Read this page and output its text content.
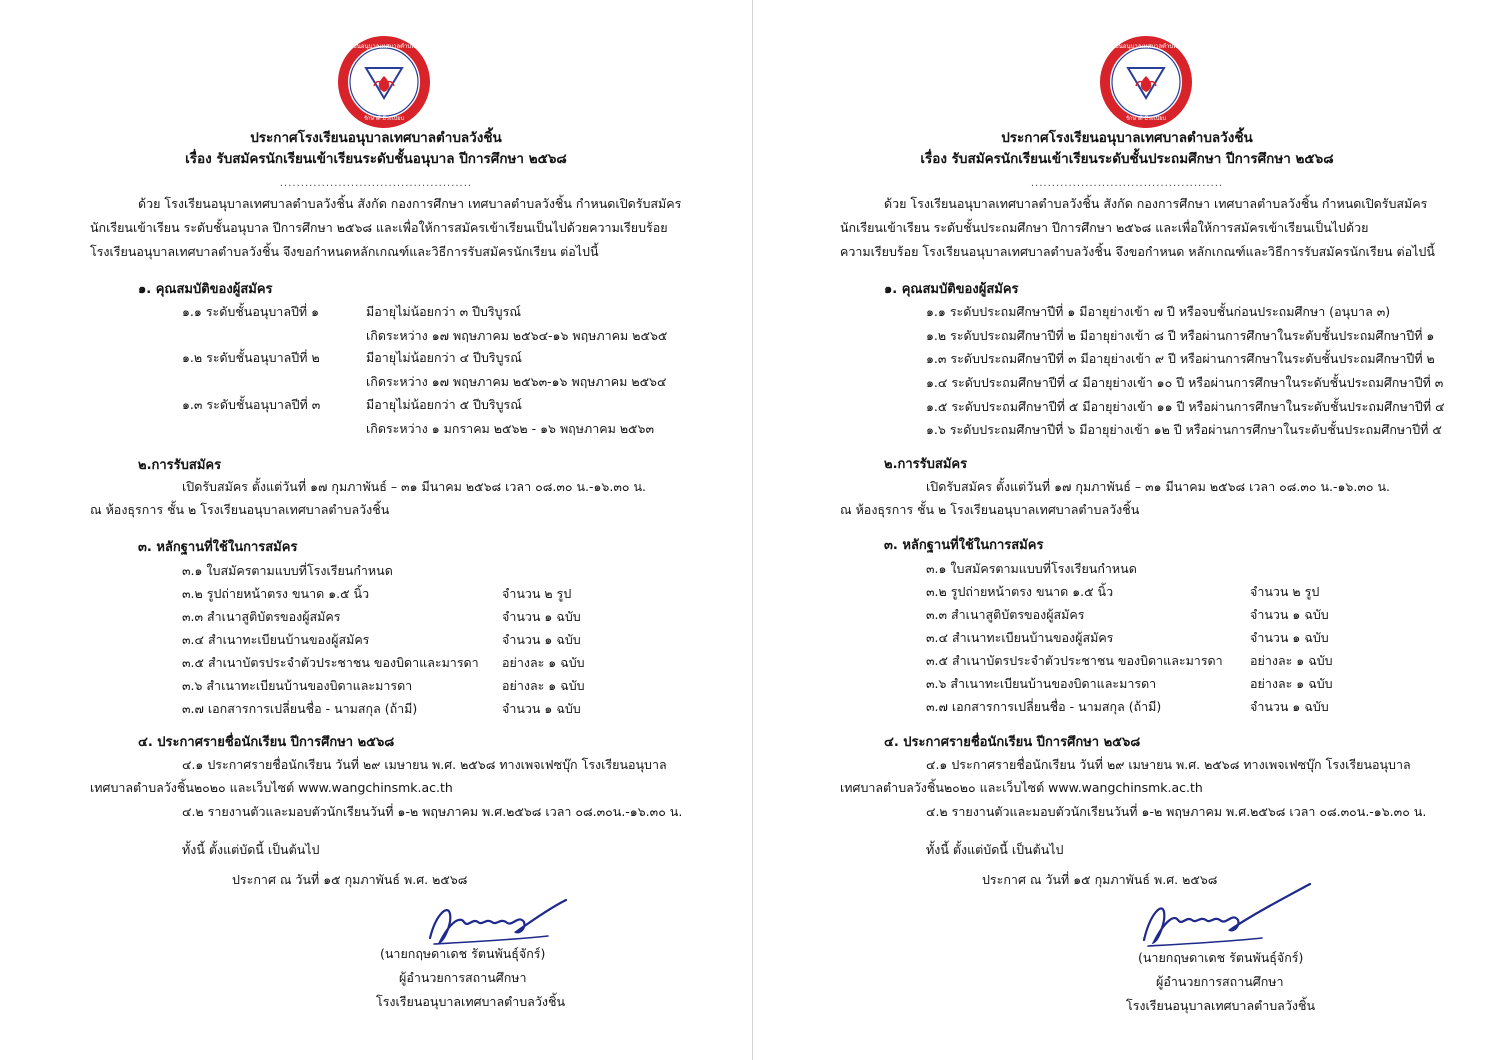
โรงเรียนอนุบาลเทศบาลตำบลวังชิ้น
รักษาดี มีระเบียบ
ประกาศโรงเรียนอนุบาลเทศบาลตำบลวังชิ้น
เรื่อง รับสมัครนักเรียนเข้าเรียนระดับชั้นอนุบาล ปีการศึกษา ๒๕๖๘
..............................................
ด้วย โรงเรียนอนุบาลเทศบาลตำบลวังชิ้น สังกัด กองการศึกษา เทศบาลตำบลวังชิ้น กำหนดเปิดรับสมัคร
นักเรียนเข้าเรียน ระดับชั้นอนุบาล ปีการศึกษา ๒๕๖๘ และเพื่อให้การสมัครเข้าเรียนเป็นไปด้วยความเรียบร้อย
โรงเรียนอนุบาลเทศบาลตำบลวังชิ้น จึงขอกำหนดหลักเกณฑ์และวิธีการรับสมัครนักเรียน ต่อไปนี้
๑. คุณสมบัติของผู้สมัคร
๑.๑ ระดับชั้นอนุบาลปีที่ ๑	มีอายุไม่น้อยกว่า ๓ ปีบริบูรณ์
เกิดระหว่าง ๑๗ พฤษภาคม ๒๕๖๔-๑๖ พฤษภาคม ๒๕๖๕
๑.๒ ระดับชั้นอนุบาลปีที่ ๒	มีอายุไม่น้อยกว่า ๔ ปีบริบูรณ์
เกิดระหว่าง ๑๗ พฤษภาคม ๒๕๖๓-๑๖ พฤษภาคม ๒๕๖๔
๑.๓ ระดับชั้นอนุบาลปีที่ ๓	มีอายุไม่น้อยกว่า ๕ ปีบริบูรณ์
เกิดระหว่าง ๑ มกราคม ๒๕๖๒ - ๑๖ พฤษภาคม ๒๕๖๓
๒.การรับสมัคร
เปิดรับสมัคร ตั้งแต่วันที่ ๑๗ กุมภาพันธ์ – ๓๑ มีนาคม ๒๕๖๘ เวลา ๐๘.๓๐ น.-๑๖.๓๐ น.
ณ ห้องธุรการ ชั้น ๒ โรงเรียนอนุบาลเทศบาลตำบลวังชิ้น
๓. หลักฐานที่ใช้ในการสมัคร
๓.๑ ใบสมัครตามแบบที่โรงเรียนกำหนด
๓.๒ รูปถ่ายหน้าตรง ขนาด ๑.๕ นิ้ว	จำนวน ๒ รูป
๓.๓ สำเนาสูติบัตรของผู้สมัคร	จำนวน ๑ ฉบับ
๓.๔ สำเนาทะเบียนบ้านของผู้สมัคร	จำนวน ๑ ฉบับ
๓.๕ สำเนาบัตรประจำตัวประชาชน ของบิดาและมารดา อย่างละ ๑ ฉบับ
๓.๖ สำเนาทะเบียนบ้านของบิดาและมารดา	อย่างละ ๑ ฉบับ
๓.๗ เอกสารการเปลี่ยนชื่อ - นามสกุล (ถ้ามี)	จำนวน ๑ ฉบับ
๔. ประกาศรายชื่อนักเรียน ปีการศึกษา ๒๕๖๘
๔.๑ ประกาศรายชื่อนักเรียน วันที่ ๒๙ เมษายน พ.ศ. ๒๕๖๘ ทางเพจเฟซบุ๊ก โรงเรียนอนุบาล
เทศบาลตำบลวังชิ้น๒๐๒๐ และเว็บไซต์ www.wangchinsmk.ac.th
๔.๒ รายงานตัวและมอบตัวนักเรียนวันที่ ๑-๒ พฤษภาคม พ.ศ.๒๕๖๘ เวลา ๐๘.๓๐น.-๑๖.๓๐ น.
ทั้งนี้ ตั้งแต่บัดนี้ เป็นต้นไป
ประกาศ ณ วันที่ ๑๕ กุมภาพันธ์ พ.ศ. ๒๕๖๘
(นายกฤษดาเดช รัตนพันธุ์จักร์)
ผู้อำนวยการสถานศึกษา
โรงเรียนอนุบาลเทศบาลตำบลวังชิ้น
โรงเรียนอนุบาลเทศบาลตำบลวังชิ้น
รักษาดี มีระเบียบ
ประกาศโรงเรียนอนุบาลเทศบาลตำบลวังชิ้น
เรื่อง รับสมัครนักเรียนเข้าเรียนระดับชั้นประถมศึกษา ปีการศึกษา ๒๕๖๘
..............................................
ด้วย โรงเรียนอนุบาลเทศบาลตำบลวังชิ้น สังกัด กองการศึกษา เทศบาลตำบลวังชิ้น กำหนดเปิดรับสมัคร
นักเรียนเข้าเรียน ระดับชั้นประถมศึกษา ปีการศึกษา ๒๕๖๘ และเพื่อให้การสมัครเข้าเรียนเป็นไปด้วย
ความเรียบร้อย โรงเรียนอนุบาลเทศบาลตำบลวังชิ้น จึงขอกำหนด หลักเกณฑ์และวิธีการรับสมัครนักเรียน ต่อไปนี้
๑. คุณสมบัติของผู้สมัคร
๑.๑ ระดับประถมศึกษาปีที่ ๑ มีอายุย่างเข้า ๗ ปี หรือจบชั้นก่อนประถมศึกษา (อนุบาล ๓)
๑.๒ ระดับประถมศึกษาปีที่ ๒ มีอายุย่างเข้า ๘ ปี หรือผ่านการศึกษาในระดับชั้นประถมศึกษาปีที่ ๑
๑.๓ ระดับประถมศึกษาปีที่ ๓ มีอายุย่างเข้า ๙ ปี หรือผ่านการศึกษาในระดับชั้นประถมศึกษาปีที่ ๒
๑.๔ ระดับประถมศึกษาปีที่ ๔ มีอายุย่างเข้า ๑๐ ปี หรือผ่านการศึกษาในระดับชั้นประถมศึกษาปีที่ ๓
๑.๕ ระดับประถมศึกษาปีที่ ๕ มีอายุย่างเข้า ๑๑ ปี หรือผ่านการศึกษาในระดับชั้นประถมศึกษาปีที่ ๔
๑.๖ ระดับประถมศึกษาปีที่ ๖ มีอายุย่างเข้า ๑๒ ปี หรือผ่านการศึกษาในระดับชั้นประถมศึกษาปีที่ ๕
๒.การรับสมัคร
เปิดรับสมัคร ตั้งแต่วันที่ ๑๗ กุมภาพันธ์ – ๓๑ มีนาคม ๒๕๖๘ เวลา ๐๘.๓๐ น.-๑๖.๓๐ น.
ณ ห้องธุรการ ชั้น ๒ โรงเรียนอนุบาลเทศบาลตำบลวังชิ้น
๓. หลักฐานที่ใช้ในการสมัคร
๓.๑ ใบสมัครตามแบบที่โรงเรียนกำหนด
๓.๒ รูปถ่ายหน้าตรง ขนาด ๑.๕ นิ้ว	จำนวน ๒ รูป
๓.๓ สำเนาสูติบัตรของผู้สมัคร	จำนวน ๑ ฉบับ
๓.๔ สำเนาทะเบียนบ้านของผู้สมัคร	จำนวน ๑ ฉบับ
๓.๕ สำเนาบัตรประจำตัวประชาชน ของบิดาและมารดา อย่างละ ๑ ฉบับ
๓.๖ สำเนาทะเบียนบ้านของบิดาและมารดา	อย่างละ ๑ ฉบับ
๓.๗ เอกสารการเปลี่ยนชื่อ - นามสกุล (ถ้ามี)	จำนวน ๑ ฉบับ
๔. ประกาศรายชื่อนักเรียน ปีการศึกษา ๒๕๖๘
๔.๑ ประกาศรายชื่อนักเรียน วันที่ ๒๙ เมษายน พ.ศ. ๒๕๖๘ ทางเพจเฟซบุ๊ก โรงเรียนอนุบาล
เทศบาลตำบลวังชิ้น๒๐๒๐ และเว็บไซต์ www.wangchinsmk.ac.th
๔.๒ รายงานตัวและมอบตัวนักเรียนวันที่ ๑-๒ พฤษภาคม พ.ศ.๒๕๖๘ เวลา ๐๘.๓๐น.-๑๖.๓๐ น.
ทั้งนี้ ตั้งแต่บัดนี้ เป็นต้นไป
ประกาศ ณ วันที่ ๑๕ กุมภาพันธ์ พ.ศ. ๒๕๖๘
(นายกฤษดาเดช รัตนพันธุ์จักร์)
ผู้อำนวยการสถานศึกษา
โรงเรียนอนุบาลเทศบาลตำบลวังชิ้น
